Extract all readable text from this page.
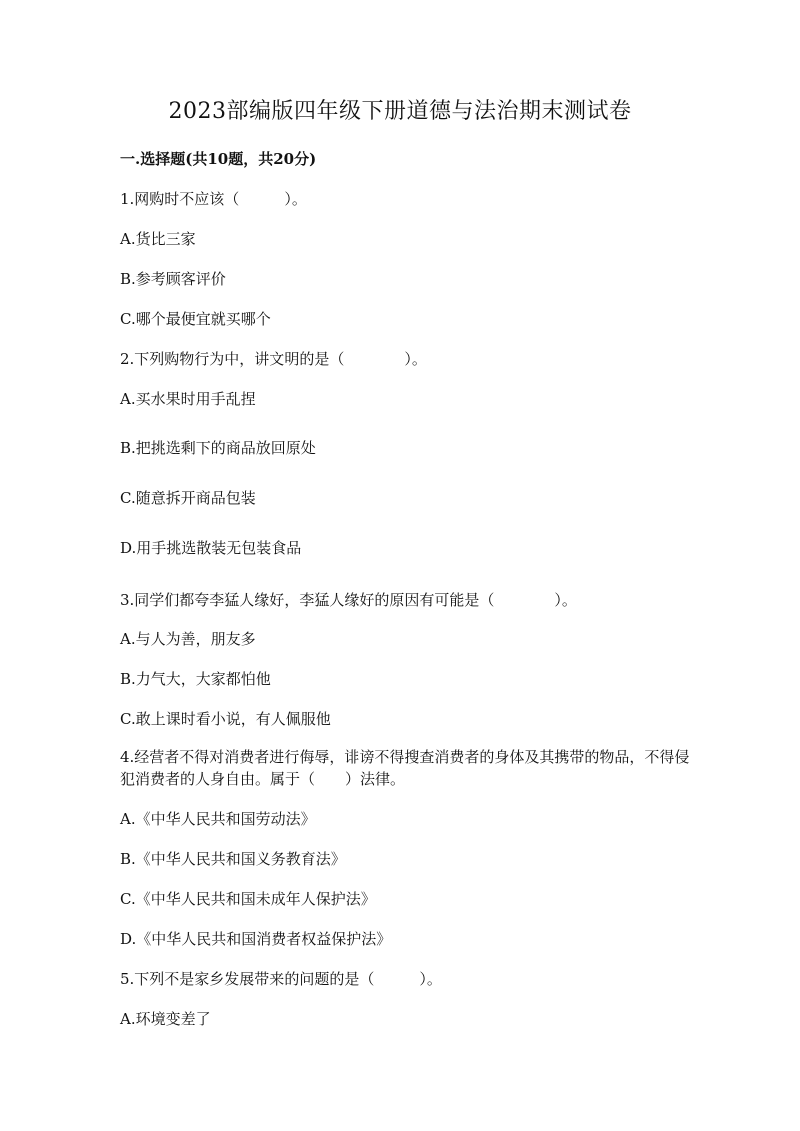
2023部编版四年级下册道德与法治期末测试卷
一.选择题(共10题，共20分)
1.网购时不应该（　　　）。
A.货比三家
B.参考顾客评价
C.哪个最便宜就买哪个
2.下列购物行为中，讲文明的是（　　　　）。
A.买水果时用手乱捏
B.把挑选剩下的商品放回原处
C.随意拆开商品包装
D.用手挑选散装无包装食品
3.同学们都夸李猛人缘好，李猛人缘好的原因有可能是（　　　　）。
A.与人为善，朋友多
B.力气大，大家都怕他
C.敢上课时看小说，有人佩服他
4.经营者不得对消费者进行侮辱，诽谤不得搜查消费者的身体及其携带的物品，不得侵犯消费者的人身自由。属于（　　）法律。
A.《中华人民共和国劳动法》
B.《中华人民共和国义务教育法》
C.《中华人民共和国未成年人保护法》
D.《中华人民共和国消费者权益保护法》
5.下列不是家乡发展带来的问题的是（　　　）。
A.环境变差了
